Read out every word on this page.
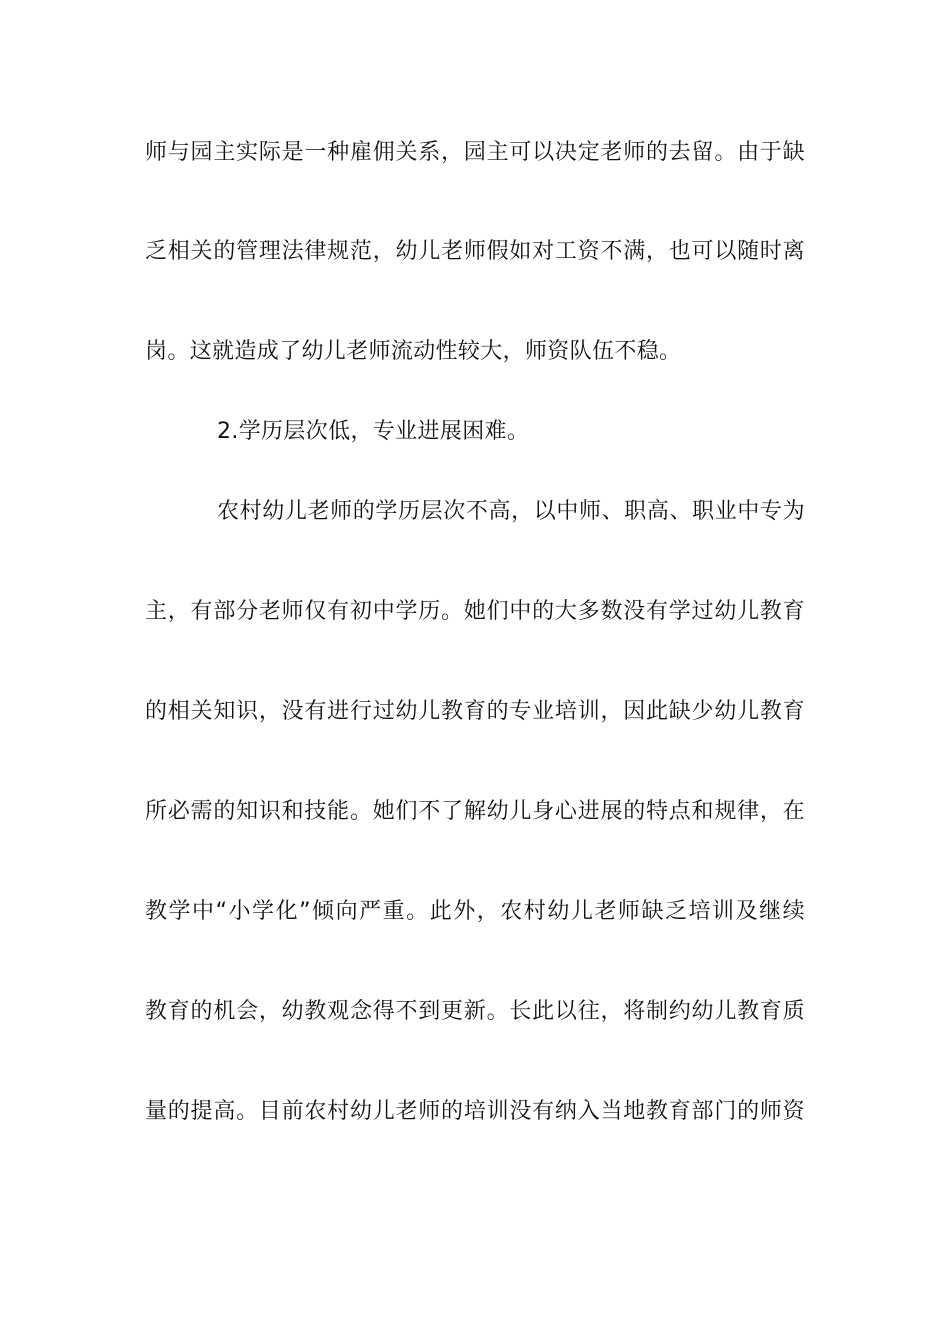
师与园主实际是一种雇佣关系，园主可以决定老师的去留。由于缺
乏相关的管理法律规范，幼儿老师假如对工资不满，也可以随时离
岗。这就造成了幼儿老师流动性较大，师资队伍不稳。
2.学历层次低，专业进展困难。
农村幼儿老师的学历层次不高，以中师、职高、职业中专为
主，有部分老师仅有初中学历。她们中的大多数没有学过幼儿教育
的相关知识，没有进行过幼儿教育的专业培训，因此缺少幼儿教育
所必需的知识和技能。她们不了解幼儿身心进展的特点和规律，在
教学中“小学化”倾向严重。此外，农村幼儿老师缺乏培训及继续
教育的机会，幼教观念得不到更新。长此以往，将制约幼儿教育质
量的提高。目前农村幼儿老师的培训没有纳入当地教育部门的师资
